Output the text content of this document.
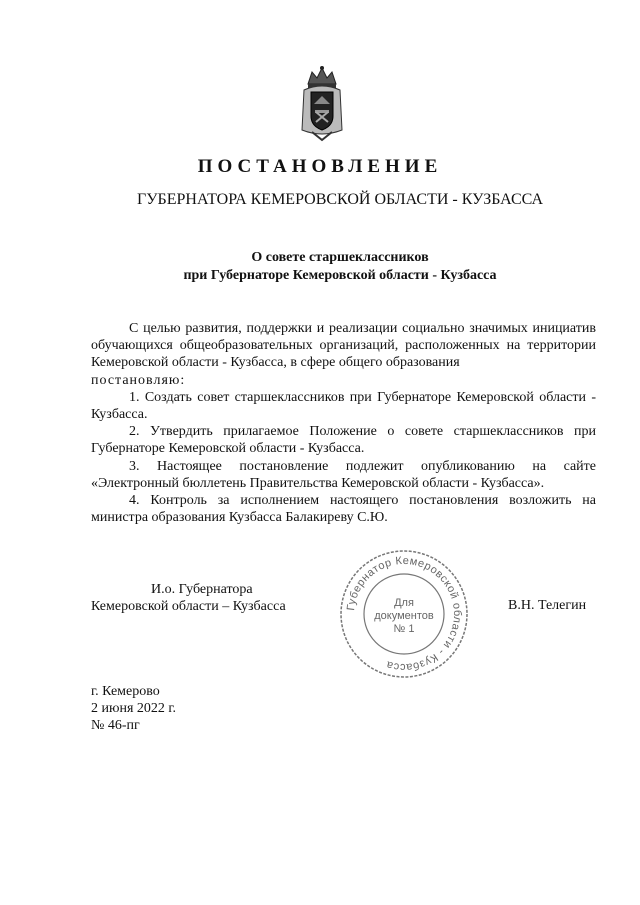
ПОСТАНОВЛЕНИЕ
ГУБЕРНАТОРА КЕМЕРОВСКОЙ ОБЛАСТИ - КУЗБАССА
О совете старшеклассников
при Губернаторе Кемеровской области - Кузбасса

С целью развития, поддержки и реализации социально значимых инициатив обучающихся общеобразовательных организаций, расположенных на территории Кемеровской области - Кузбасса, в сфере общего образования

постановляю:

1. Создать совет старшеклассников при Губернаторе Кемеровской области - Кузбасса.

2. Утвердить прилагаемое Положение о совете старшеклассников при Губернаторе Кемеровской области - Кузбасса.

3. Настоящее постановление подлежит опубликованию на сайте «Электронный бюллетень Правительства Кемеровской области - Кузбасса».

4. Контроль за исполнением настоящего постановления возложить на министра образования Кузбасса Балакиреву С.Ю.

И.о. Губернатора
Кемеровской области – Кузбасса	Губернатор Кемеровской области - Кузбасса
Для
документов
№ 1
В.Н. Телегин
г. Кемерово
2 июня 2022 г.
№ 46-пг
